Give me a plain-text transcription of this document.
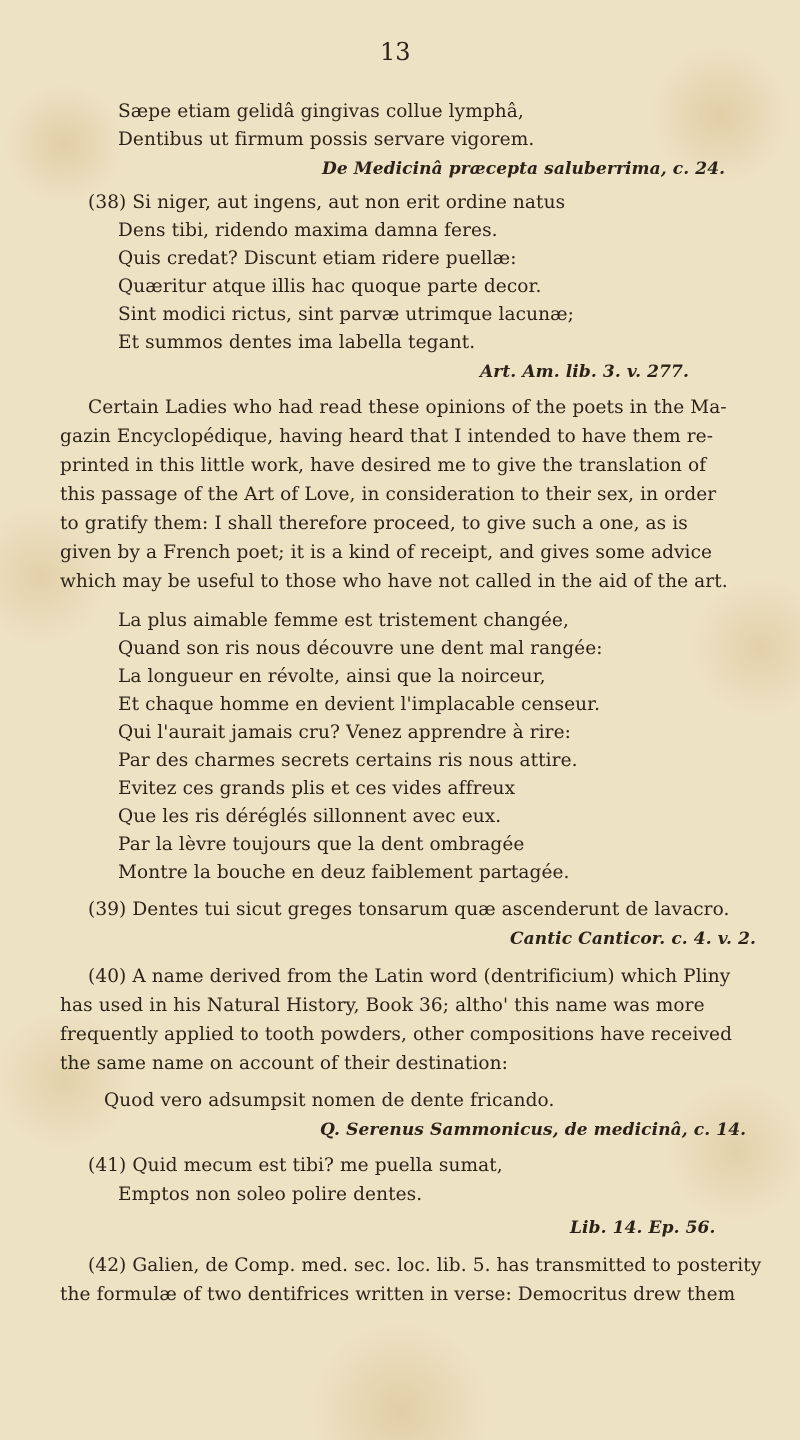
13
Sæpe etiam gelidâ gingivas collue lymphâ,
Dentibus ut firmum possis servare vigorem.
De Medicinâ præcepta saluberrima, c. 24.
(38) Si niger, aut ingens, aut non erit ordine natus
Dens tibi, ridendo maxima damna feres.
Quis credat? Discunt etiam ridere puellæ:
Quæritur atque illis hac quoque parte decor.
Sint modici rictus, sint parvæ utrimque lacunæ;
Et summos dentes ima labella tegant.
Art. Am. lib. 3. v. 277.
Certain Ladies who had read these opinions of the poets in the Ma-
gazin Encyclopédique, having heard that I intended to have them re-
printed in this little work, have desired me to give the translation of
this passage of the Art of Love, in consideration to their sex, in order
to gratify them: I shall therefore proceed, to give such a one, as is
given by a French poet; it is a kind of receipt, and gives some advice
which may be useful to those who have not called in the aid of the art.
La plus aimable femme est tristement changée,
Quand son ris nous découvre une dent mal rangée:
La longueur en révolte, ainsi que la noirceur,
Et chaque homme en devient l'implacable censeur.
Qui l'aurait jamais cru? Venez apprendre à rire:
Par des charmes secrets certains ris nous attire.
Evitez ces grands plis et ces vides affreux
Que les ris déréglés sillonnent avec eux.
Par la lèvre toujours que la dent ombragée
Montre la bouche en deuz faiblement partagée.
(39) Dentes tui sicut greges tonsarum quæ ascenderunt de lavacro.
Cantic Canticor. c. 4. v. 2.
(40) A name derived from the Latin word (dentrificium) which Pliny
has used in his Natural History, Book 36; altho' this name was more
frequently applied to tooth powders, other compositions have received
the same name on account of their destination:
Quod vero adsumpsit nomen de dente fricando.
Q. Serenus Sammonicus, de medicinâ, c. 14.
(41) Quid mecum est tibi? me puella sumat,
Emptos non soleo polire dentes.
Lib. 14. Ep. 56.
(42) Galien, de Comp. med. sec. loc. lib. 5. has transmitted to posterity
the formulæ of two dentifrices written in verse: Democritus drew them
